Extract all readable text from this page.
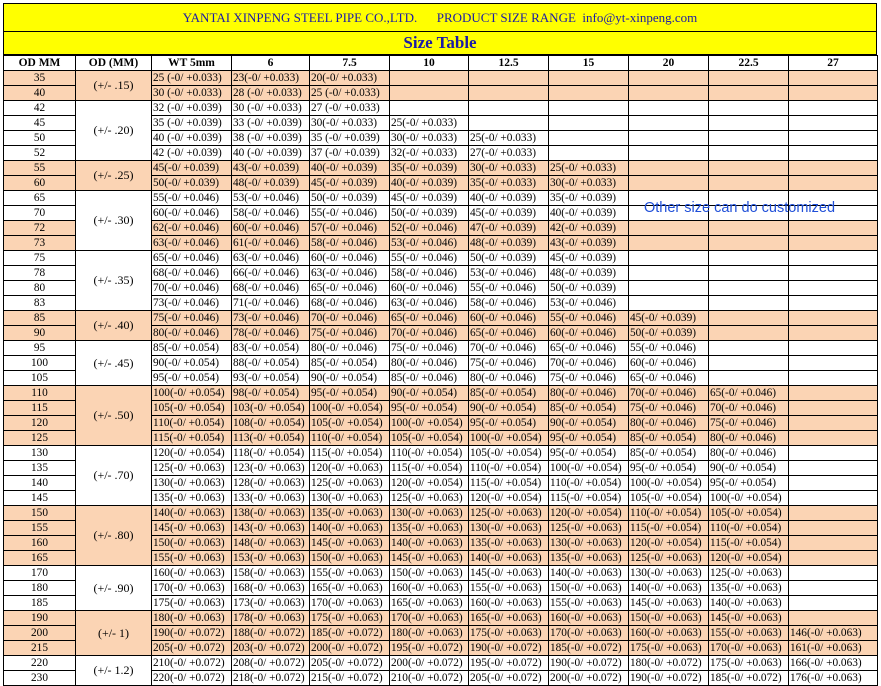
YANTAI XINPENG STEEL PIPE CO.,LTD.      PRODUCT SIZE RANGE  info@yt-xinpeng.com
Size Table
OD MM	OD (MM)	WT 5mm	6	7.5	10	12.5	15	20	22.5	27
35	(+/- .15)	25 (-0/ +0.033)	23(-0/ +0.033)	20(-0/ +0.033)						
40		30 (-0/ +0.033)	28 (-0/ +0.033)	25 (-0/ +0.033)						
42	(+/- .20)	32 (-0/ +0.039)	30 (-0/ +0.033)	27 (-0/ +0.033)						
45		35 (-0/ +0.039)	33 (-0/ +0.039)	30(-0/ +0.033)	25(-0/ +0.033)					
50		40 (-0/ +0.039)	38 (-0/ +0.039)	35 (-0/ +0.039)	30(-0/ +0.033)	25(-0/ +0.033)				
52		42 (-0/ +0.039)	40 (-0/ +0.039)	37 (-0/ +0.039)	32(-0/ +0.033)	27(-0/ +0.033)				
55	(+/- .25)	45(-0/ +0.039)	43(-0/ +0.039)	40(-0/ +0.039)	35(-0/ +0.039)	30(-0/ +0.033)	25(-0/ +0.033)			
60		50(-0/ +0.039)	48(-0/ +0.039)	45(-0/ +0.039)	40(-0/ +0.039)	35(-0/ +0.033)	30(-0/ +0.033)			
65	(+/- .30)	55(-0/ +0.046)	53(-0/ +0.046)	50(-0/ +0.039)	45(-0/ +0.039)	40(-0/ +0.039)	35(-0/ +0.039)			
70		60(-0/ +0.046)	58(-0/ +0.046)	55(-0/ +0.046)	50(-0/ +0.039)	45(-0/ +0.039)	40(-0/ +0.039)			
72		62(-0/ +0.046)	60(-0/ +0.046)	57(-0/ +0.046)	52(-0/ +0.046)	47(-0/ +0.039)	42(-0/ +0.039)			
73		63(-0/ +0.046)	61(-0/ +0.046)	58(-0/ +0.046)	53(-0/ +0.046)	48(-0/ +0.039)	43(-0/ +0.039)			
75	(+/- .35)	65(-0/ +0.046)	63(-0/ +0.046)	60(-0/ +0.046)	55(-0/ +0.046)	50(-0/ +0.039)	45(-0/ +0.039)			
78		68(-0/ +0.046)	66(-0/ +0.046)	63(-0/ +0.046)	58(-0/ +0.046)	53(-0/ +0.046)	48(-0/ +0.039)			
80		70(-0/ +0.046)	68(-0/ +0.046)	65(-0/ +0.046)	60(-0/ +0.046)	55(-0/ +0.046)	50(-0/ +0.039)			
83		73(-0/ +0.046)	71(-0/ +0.046)	68(-0/ +0.046)	63(-0/ +0.046)	58(-0/ +0.046)	53(-0/ +0.046)			
85	(+/- .40)	75(-0/ +0.046)	73(-0/ +0.046)	70(-0/ +0.046)	65(-0/ +0.046)	60(-0/ +0.046)	55(-0/ +0.046)	45(-0/ +0.039)		
90		80(-0/ +0.046)	78(-0/ +0.046)	75(-0/ +0.046)	70(-0/ +0.046)	65(-0/ +0.046)	60(-0/ +0.046)	50(-0/ +0.039)		
95	(+/- .45)	85(-0/ +0.054)	83(-0/ +0.054)	80(-0/ +0.046)	75(-0/ +0.046)	70(-0/ +0.046)	65(-0/ +0.046)	55(-0/ +0.046)		
100		90(-0/ +0.054)	88(-0/ +0.054)	85(-0/ +0.054)	80(-0/ +0.046)	75(-0/ +0.046)	70(-0/ +0.046)	60(-0/ +0.046)		
105		95(-0/ +0.054)	93(-0/ +0.054)	90(-0/ +0.054)	85(-0/ +0.046)	80(-0/ +0.046)	75(-0/ +0.046)	65(-0/ +0.046)		
110	(+/- .50)	100(-0/ +0.054)	98(-0/ +0.054)	95(-0/ +0.054)	90(-0/ +0.054)	85(-0/ +0.054)	80(-0/ +0.046)	70(-0/ +0.046)	65(-0/ +0.046)	
115		105(-0/ +0.054)	103(-0/ +0.054)	100(-0/ +0.054)	95(-0/ +0.054)	90(-0/ +0.054)	85(-0/ +0.054)	75(-0/ +0.046)	70(-0/ +0.046)	
120		110(-0/ +0.054)	108(-0/ +0.054)	105(-0/ +0.054)	100(-0/ +0.054)	95(-0/ +0.054)	90(-0/ +0.054)	80(-0/ +0.046)	75(-0/ +0.046)	
125		115(-0/ +0.054)	113(-0/ +0.054)	110(-0/ +0.054)	105(-0/ +0.054)	100(-0/ +0.054)	95(-0/ +0.054)	85(-0/ +0.054)	80(-0/ +0.046)	
130	(+/- .70)	120(-0/ +0.054)	118(-0/ +0.054)	115(-0/ +0.054)	110(-0/ +0.054)	105(-0/ +0.054)	95(-0/ +0.054)	85(-0/ +0.054)	80(-0/ +0.046)	
135		125(-0/ +0.063)	123(-0/ +0.063)	120(-0/ +0.063)	115(-0/ +0.054)	110(-0/ +0.054)	100(-0/ +0.054)	95(-0/ +0.054)	90(-0/ +0.054)	
140		130(-0/ +0.063)	128(-0/ +0.063)	125(-0/ +0.063)	120(-0/ +0.054)	115(-0/ +0.054)	110(-0/ +0.054)	100(-0/ +0.054)	95(-0/ +0.054)	
145		135(-0/ +0.063)	133(-0/ +0.063)	130(-0/ +0.063)	125(-0/ +0.063)	120(-0/ +0.054)	115(-0/ +0.054)	105(-0/ +0.054)	100(-0/ +0.054)	
150	(+/- .80)	140(-0/ +0.063)	138(-0/ +0.063)	135(-0/ +0.063)	130(-0/ +0.063)	125(-0/ +0.063)	120(-0/ +0.054)	110(-0/ +0.054)	105(-0/ +0.054)	
155		145(-0/ +0.063)	143(-0/ +0.063)	140(-0/ +0.063)	135(-0/ +0.063)	130(-0/ +0.063)	125(-0/ +0.063)	115(-0/ +0.054)	110(-0/ +0.054)	
160		150(-0/ +0.063)	148(-0/ +0.063)	145(-0/ +0.063)	140(-0/ +0.063)	135(-0/ +0.063)	130(-0/ +0.063)	120(-0/ +0.054)	115(-0/ +0.054)	
165		155(-0/ +0.063)	153(-0/ +0.063)	150(-0/ +0.063)	145(-0/ +0.063)	140(-0/ +0.063)	135(-0/ +0.063)	125(-0/ +0.063)	120(-0/ +0.054)	
170	(+/- .90)	160(-0/ +0.063)	158(-0/ +0.063)	155(-0/ +0.063)	150(-0/ +0.063)	145(-0/ +0.063)	140(-0/ +0.063)	130(-0/ +0.063)	125(-0/ +0.063)	
180		170(-0/ +0.063)	168(-0/ +0.063)	165(-0/ +0.063)	160(-0/ +0.063)	155(-0/ +0.063)	150(-0/ +0.063)	140(-0/ +0.063)	135(-0/ +0.063)	
185		175(-0/ +0.063)	173(-0/ +0.063)	170(-0/ +0.063)	165(-0/ +0.063)	160(-0/ +0.063)	155(-0/ +0.063)	145(-0/ +0.063)	140(-0/ +0.063)	
190	(+/- 1)	180(-0/ +0.063)	178(-0/ +0.063)	175(-0/ +0.063)	170(-0/ +0.063)	165(-0/ +0.063)	160(-0/ +0.063)	150(-0/ +0.063)	145(-0/ +0.063)	
200		190(-0/ +0.072)	188(-0/ +0.072)	185(-0/ +0.072)	180(-0/ +0.063)	175(-0/ +0.063)	170(-0/ +0.063)	160(-0/ +0.063)	155(-0/ +0.063)	146(-0/ +0.063)
215		205(-0/ +0.072)	203(-0/ +0.072)	200(-0/ +0.072)	195(-0/ +0.072)	190(-0/ +0.072)	185(-0/ +0.072)	175(-0/ +0.063)	170(-0/ +0.063)	161(-0/ +0.063)
220	(+/- 1.2)	210(-0/ +0.072)	208(-0/ +0.072)	205(-0/ +0.072)	200(-0/ +0.072)	195(-0/ +0.072)	190(-0/ +0.072)	180(-0/ +0.072)	175(-0/ +0.063)	166(-0/ +0.063)
230		220(-0/ +0.072)	218(-0/ +0.072)	215(-0/ +0.072)	210(-0/ +0.072)	205(-0/ +0.072)	200(-0/ +0.072)	190(-0/ +0.072)	185(-0/ +0.072)	176(-0/ +0.063)
Other size can do customized
